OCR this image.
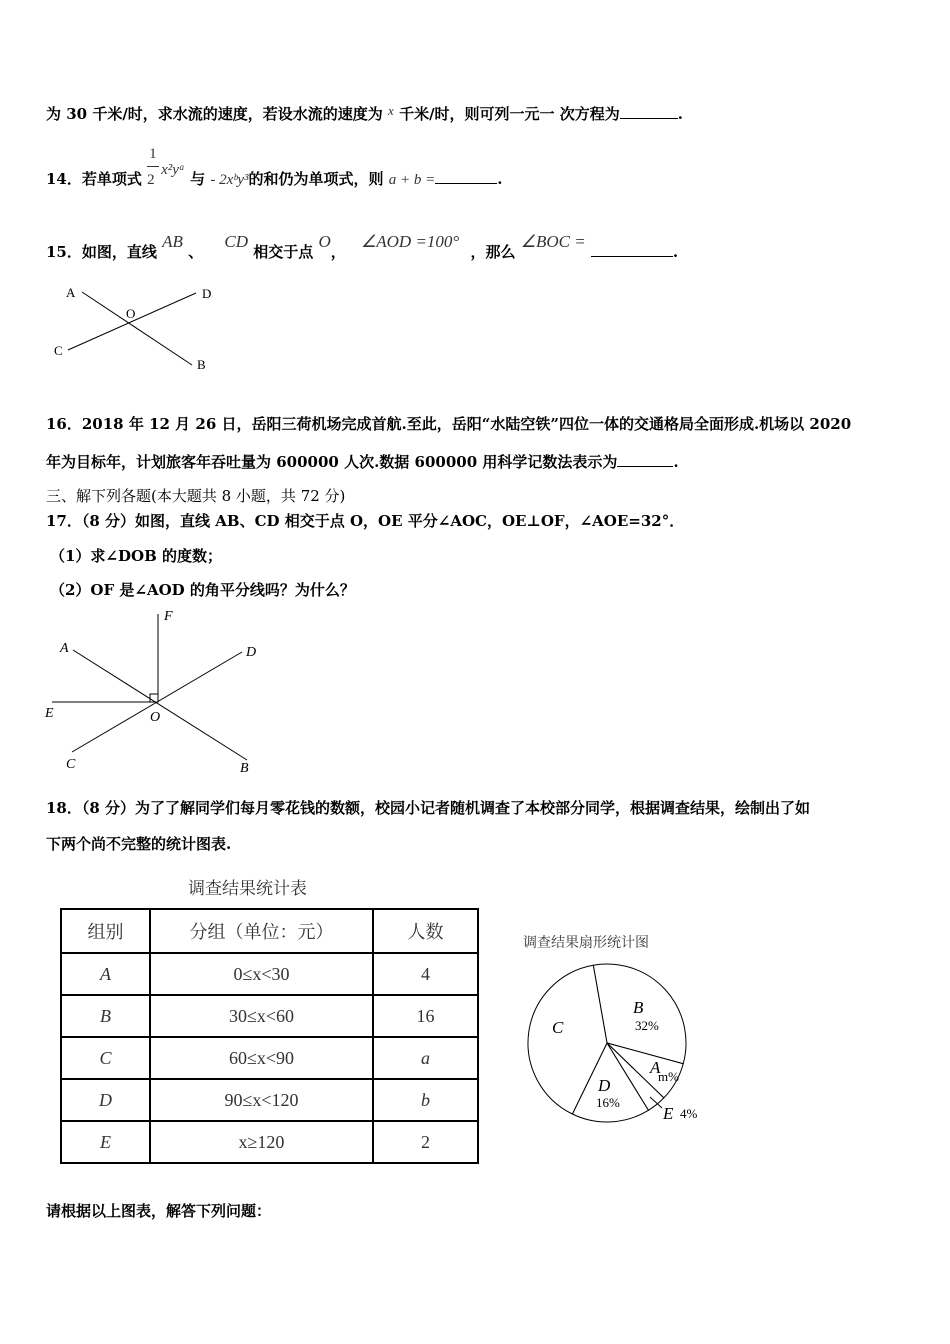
为 30 千米/时，求水流的速度，若设水流的速度为 x 千米/时，则可列一元一 次方程为	.
14．若单项式 $\frac{1}{2}x^2yᵃ$ 与 - 2xᵇy³的和仍为单项式，则 a + b =	.
15．如图，直线 AB 、 CD 相交于点 O， ∠AOD =100° ，那么 ∠BOC = .
A	D
O
C
B
16．2018 年 12 月 26 日，岳阳三荷机场完成首航.至此，岳阳“水陆空铁”四位一体的交通格局全面形成.机场以 2020
年为目标年，计划旅客年吞吐量为 600000 人次.数据 600000 用科学记数法表示为	.
三、解下列各题(本大题共 8 小题，共 72 分)
17．（8 分）如图，直线 AB、CD 相交于点 O，OE 平分∠AOC，OE⊥OF，∠AOE=32°．
（1）求∠DOB 的度数；
（2）OF 是∠AOD 的角平分线吗？为什么？
F
A	D
E	O
C	B
18．（8 分）为了了解同学们每月零花钱的数额，校园小记者随机调查了本校部分同学，根据调查结果，绘制出了如
下两个尚不完整的统计图表.
调查结果统计表
组别	分组（单位：元）	人数
A	0≤x<30	4
B	30≤x<60	16
C	60≤x<90	a
D	90≤x<120	b
E	x≥120	2
调查结果扇形统计图
B
32%
A
m%
E 4%
D
16%
C
请根据以上图表，解答下列问题：
